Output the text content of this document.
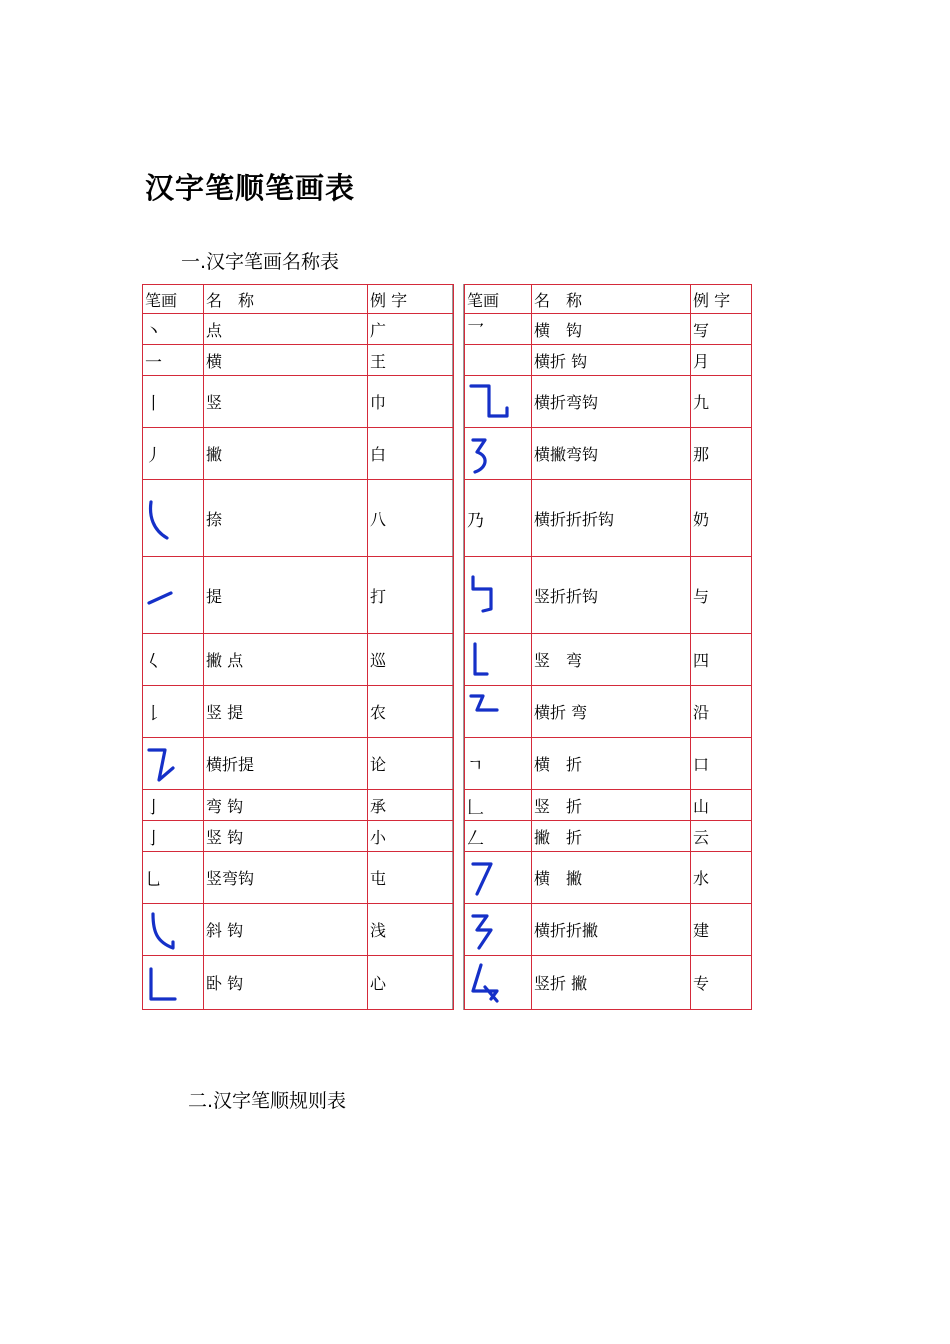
汉字笔顺笔画表

一.汉字笔画名称表

笔画	名　称	例 字
丶	点	广
一	横	王
丨	竖	巾
丿	撇	白

	捺	八

	提	打
𡿨	撇 点	巡
𠄌	竖 提	农

	横折提	论
亅	弯 钩	承
亅	竖 钩	小
乚	竖弯钩	屯

	斜 钩	浅

	卧 钩	心
笔画	名　称	例 字
乛	横　钩	写
	横折 钩	月

	横折弯钩	九

	横撇弯钩	那
乃	横折折折钩	奶

	竖折折钩	与

	竖　弯	四

	横折 弯	沿
ㄱ	横　折	口
𠃊	竖　折	山
𠃋	撇　折	云

	横　撇	水

	横折折撇	建

	竖折 撇	专

二.汉字笔顺规则表
